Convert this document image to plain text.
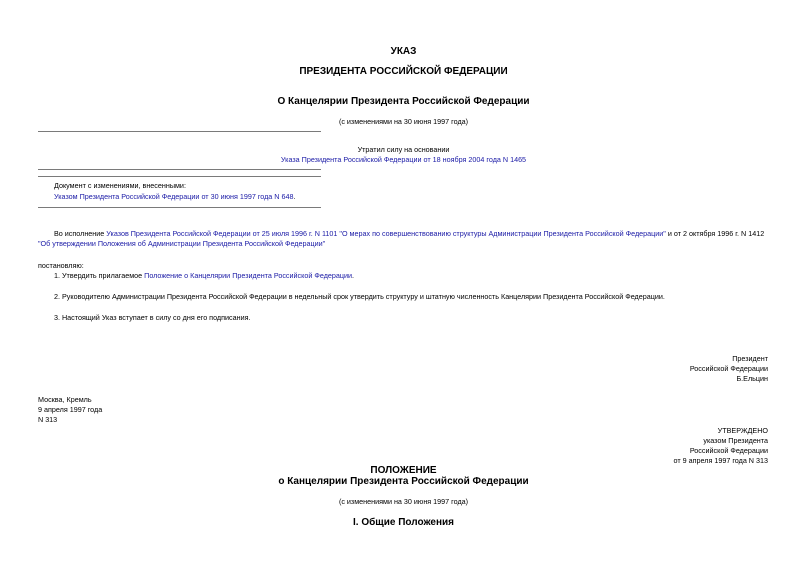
УКАЗ
ПРЕЗИДЕНТА РОССИЙСКОЙ ФЕДЕРАЦИИ
О Канцелярии Президента Российской Федерации
(с изменениями на 30 июня 1997 года)
Утратил силу на основании
Указа Президента Российской Федерации от 18 ноября 2004 года N 1465
Документ с изменениями, внесенными:
Указом Президента Российской Федерации от 30 июня 1997 года N 648.
Во исполнение Указов Президента Российской Федерации от 25 июля 1996 г. N 1101 "О мерах по совершенствованию структуры Администрации Президента Российской Федерации" и от 2 октября 1996 г. N 1412
"Об утверждении Положения об Администрации Президента Российской Федерации"
постановляю:
1. Утвердить прилагаемое Положение о Канцелярии Президента Российской Федерации.
2. Руководителю Администрации Президента Российской Федерации в недельный срок утвердить структуру и штатную численность Канцелярии Президента Российской Федерации.
3. Настоящий Указ вступает в силу со дня его подписания.
Президент
Российской Федерации
Б.Ельцин
Москва, Кремль
9 апреля 1997 года
N 313
УТВЕРЖДЕНО
указом Президента
Российской Федерации
от 9 апреля 1997 года N 313
ПОЛОЖЕНИЕ
о Канцелярии Президента Российской Федерации
(с изменениями на 30 июня 1997 года)
I. Общие Положения
